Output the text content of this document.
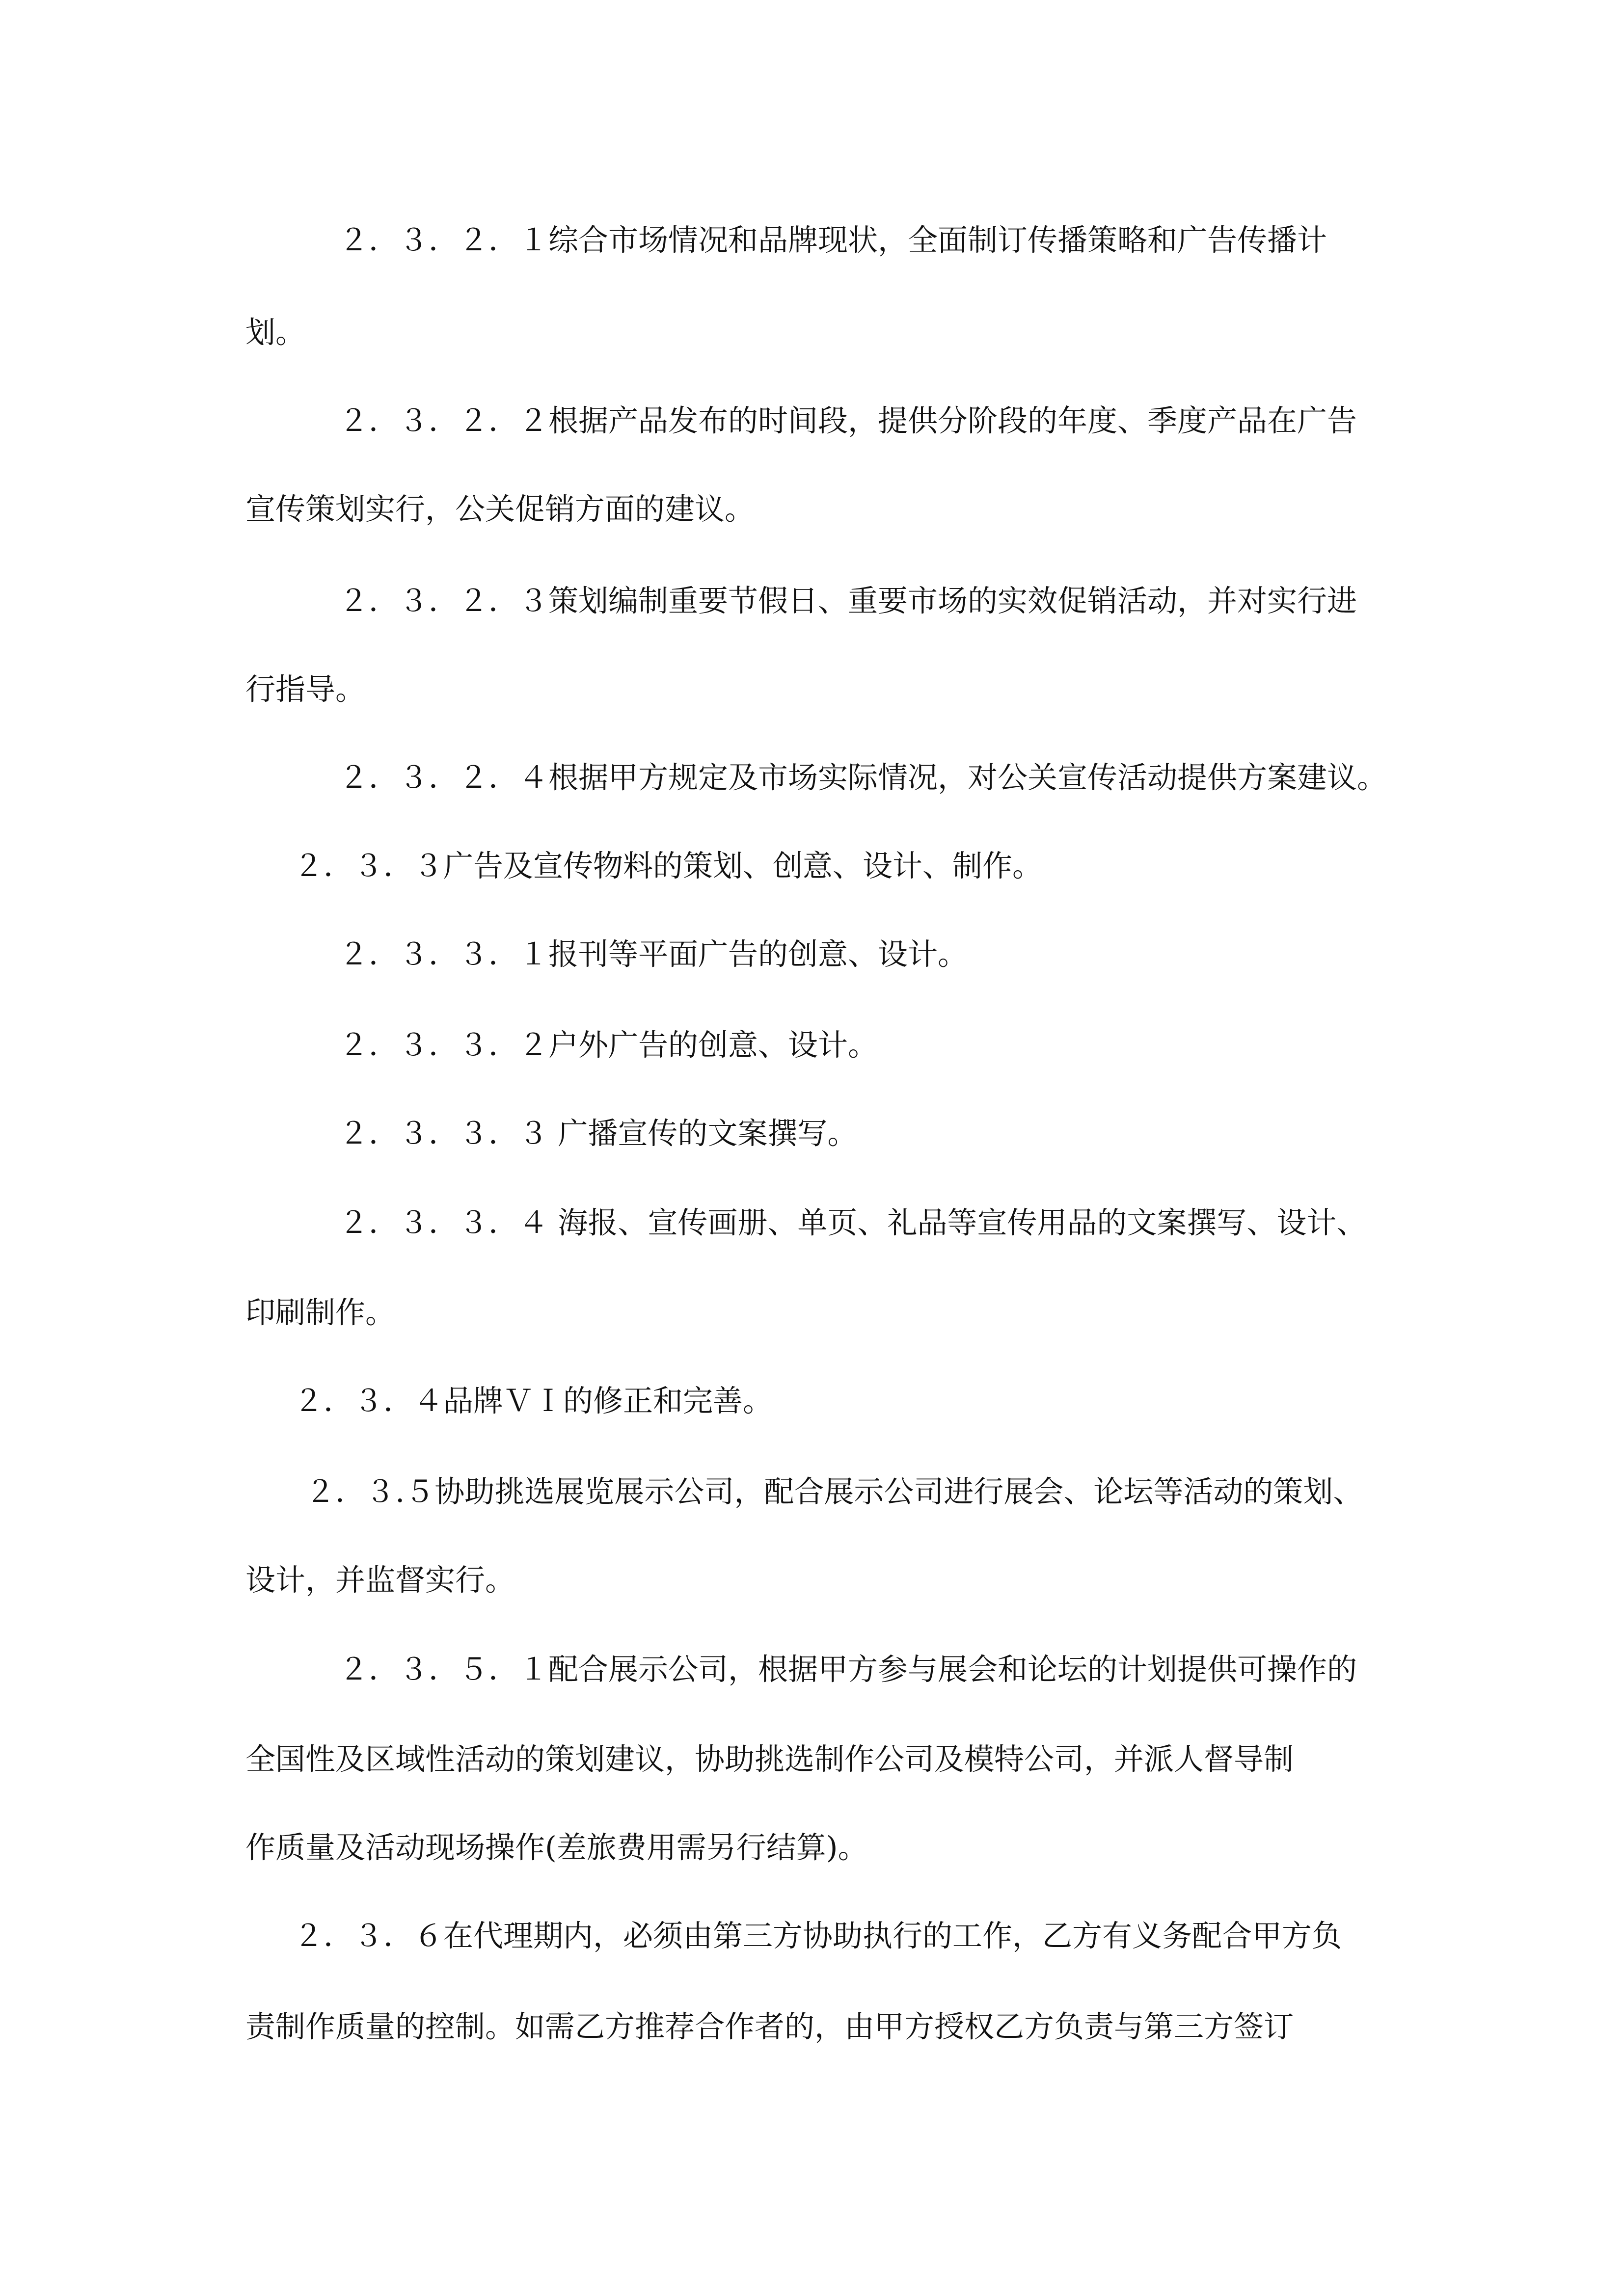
２．３．２．１综合市场情况和品牌现状，全面制订传播策略和广告传播计
划。
２．３．２．２根据产品发布的时间段，提供分阶段的年度、季度产品在广告
宣传策划实行，公关促销方面的建议。
２．３．２．３策划编制重要节假日、重要市场的实效促销活动，并对实行进
行指导。
２．３．２．４根据甲方规定及市场实际情况，对公关宣传活动提供方案建议。
２．３．３广告及宣传物料的策划、创意、设计、制作。
２．３．３．１报刊等平面广告的创意、设计。
２．３．３．２户外广告的创意、设计。
２．３．３．３ 广播宣传的文案撰写。
２．３．３．４ 海报、宣传画册、单页、礼品等宣传用品的文案撰写、设计、
印刷制作。
２．３．４品牌ＶＩ的修正和完善。
２．３.５协助挑选展览展示公司，配合展示公司进行展会、论坛等活动的策划、
设计，并监督实行。
２．３．５．１配合展示公司，根据甲方参与展会和论坛的计划提供可操作的
全国性及区域性活动的策划建议，协助挑选制作公司及模特公司，并派人督导制
作质量及活动现场操作(差旅费用需另行结算)。
２．３．６在代理期内，必须由第三方协助执行的工作，乙方有义务配合甲方负
责制作质量的控制。如需乙方推荐合作者的，由甲方授权乙方负责与第三方签订
